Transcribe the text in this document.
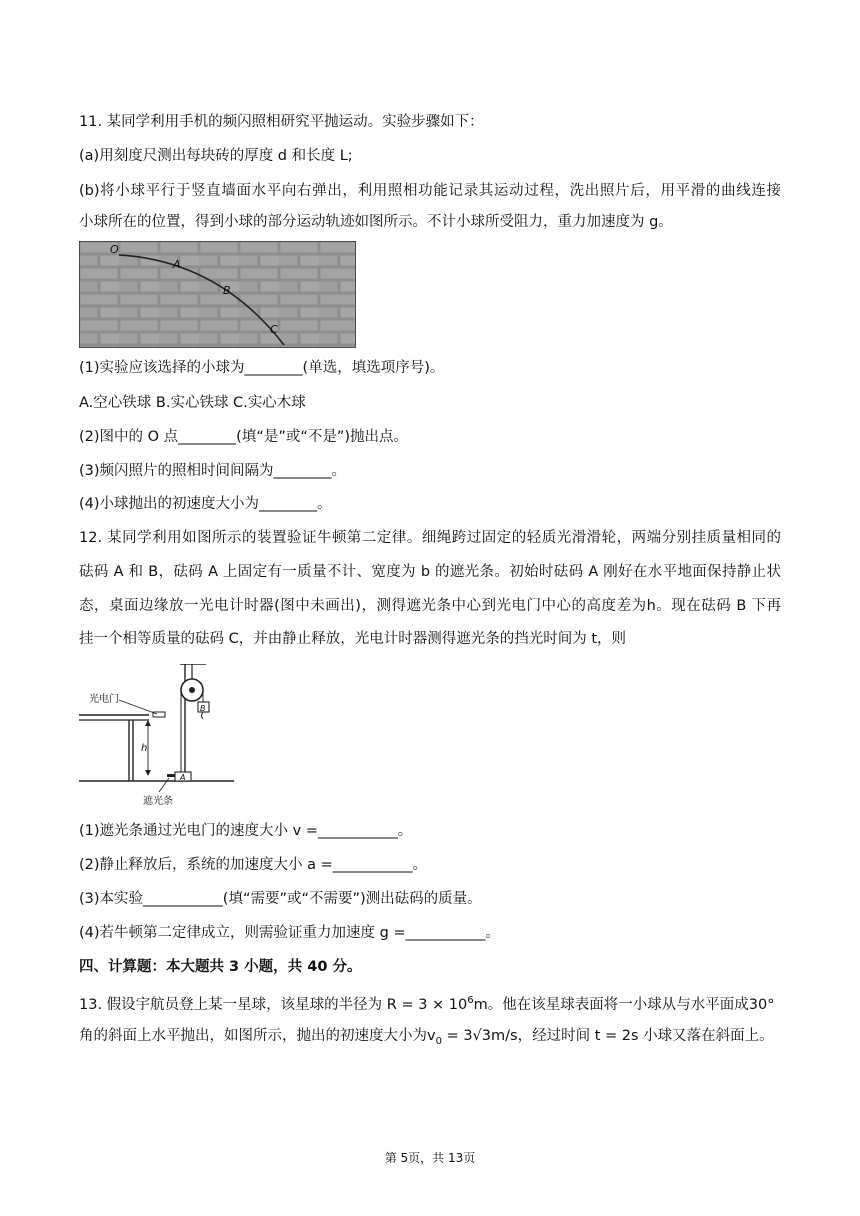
11. 某同学利用手机的频闪照相研究平抛运动。实验步骤如下：
(a)用刻度尺测出每块砖的厚度 d 和长度 L;
(b)将小球平行于竖直墙面水平向右弹出，利用照相功能记录其运动过程，洗出照片后，用平滑的曲线连接
小球所在的位置，得到小球的部分运动轨迹如图所示。不计小球所受阻力，重力加速度为 g。
O
A
B
C
(1)实验应该选择的小球为________(单选，填选项序号)。
A.空心铁球 B.实心铁球 C.实心木球
(2)图中的 O 点________(填“是”或“不是”)抛出点。
(3)频闪照片的照相时间间隔为________。
(4)小球抛出的初速度大小为________。
12. 某同学利用如图所示的装置验证牛顿第二定律。细绳跨过固定的轻质光滑滑轮，两端分别挂质量相同的
砝码 A 和 B，砝码 A 上固定有一质量不计、宽度为 b 的遮光条。初始时砝码 A 刚好在水平地面保持静止状
态，桌面边缘放一光电计时器(图中未画出)，测得遮光条中心到光电门中心的高度差为h。现在砝码 B 下再
挂一个相等质量的砝码 C，并由静止释放，光电计时器测得遮光条的挡光时间为 t，则
光电门
h
B
A
遮光条
(1)遮光条通过光电门的速度大小 v =___________。
(2)静止释放后，系统的加速度大小 a =___________。
(3)本实验___________(填“需要”或“不需要”)测出砝码的质量。
(4)若牛顿第二定律成立，则需验证重力加速度 g =___________。
四、计算题：本大题共 3 小题，共 40 分。
13. 假设宇航员登上某一星球，该星球的半径为 $R = 3 \times 10^6m$。他在该星球表面将一小球从与水平面成30°
角的斜面上水平抛出，如图所示，抛出的初速度大小为$v_0 = 3√3m/s$，经过时间 t = 2s 小球又落在斜面上。
第 5页，共 13页
